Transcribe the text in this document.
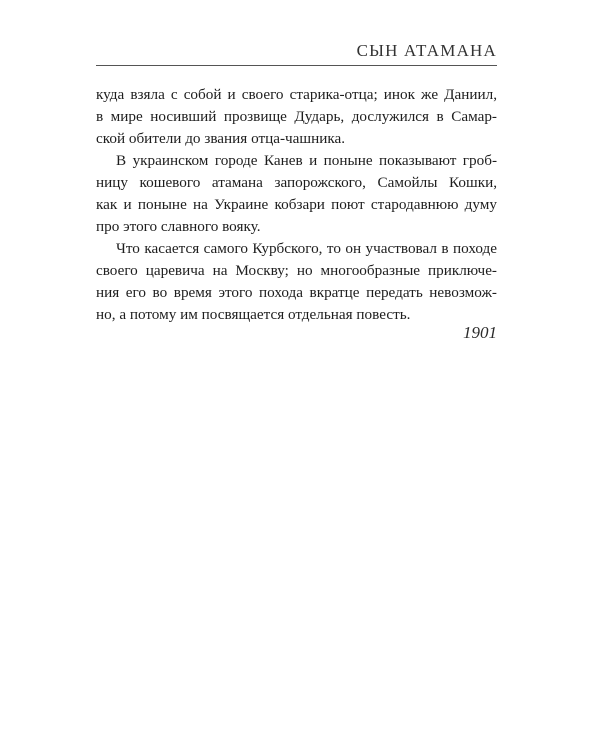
СЫН АТАМАНА
куда взяла с собой и своего старика-отца; инок же Даниил,
в миpe носивший прозвище Дударь, дослужился в Самар-
ской обители до звания отца-чашника.
В украинском городе Канев и поныне показывают гроб-
ницу кошевого атамана запорожского, Самойлы Кошки,
как и поныне на Украине кобзари поют стародавнюю думу
про этого славного вояку.
Что касается самого Курбского, то он участвовал в походе
своего царевича на Москву; но многообразные приключе-
ния его во время этого похода вкратце передать невозмож-
но, а потому им посвящается отдельная повесть.
1901
